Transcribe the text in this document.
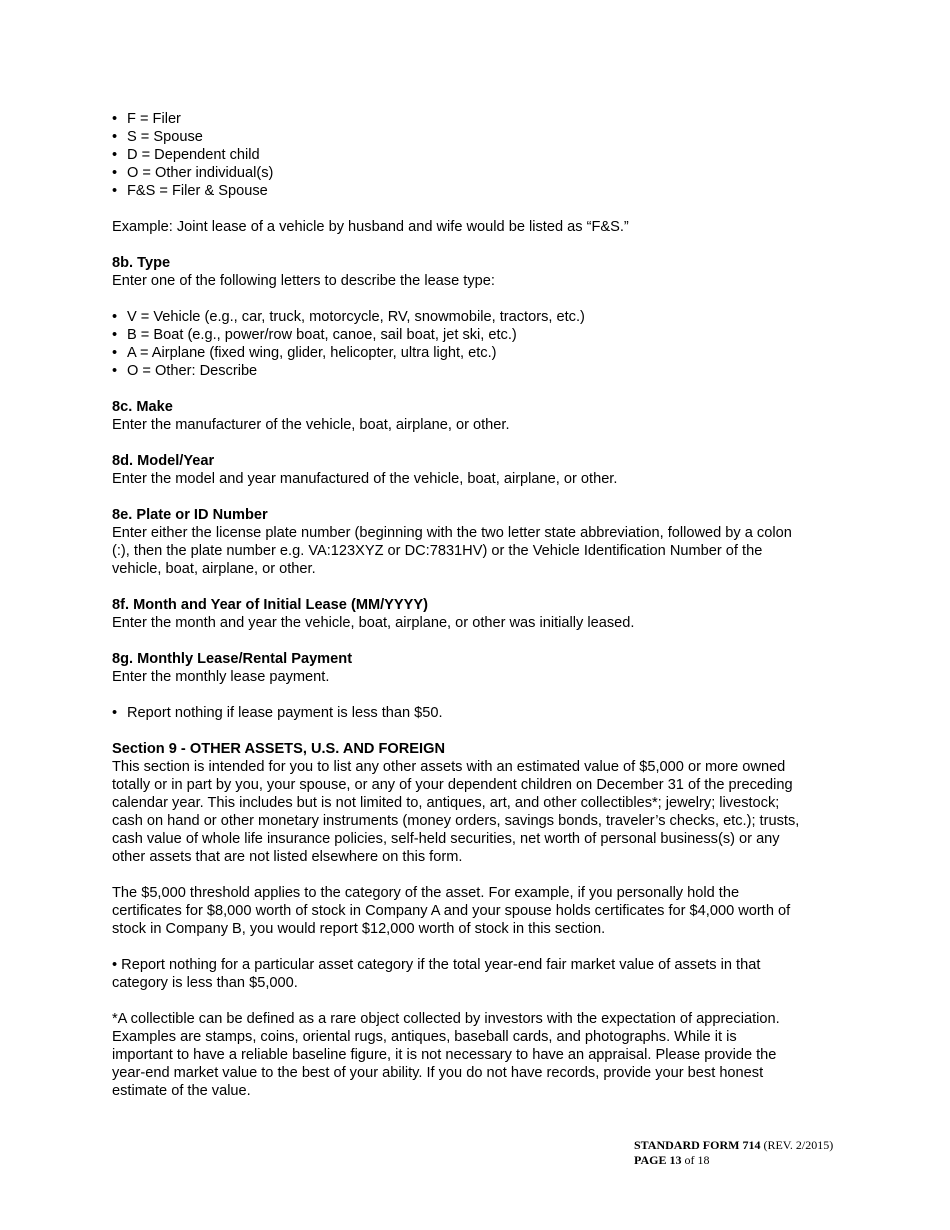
• F = Filer
• S = Spouse
• D = Dependent child
• O = Other individual(s)
• F&S = Filer & Spouse

Example: Joint lease of a vehicle by husband and wife would be listed as “F&S.”

8b. Type

Enter one of the following letters to describe the lease type:

• V = Vehicle (e.g., car, truck, motorcycle, RV, snowmobile, tractors, etc.)
• B = Boat (e.g., power/row boat, canoe, sail boat, jet ski, etc.)
• A = Airplane (fixed wing, glider, helicopter, ultra light, etc.)
• O = Other: Describe
8c. Make

Enter the manufacturer of the vehicle, boat, airplane, or other.

8d. Model/Year

Enter the model and year manufactured of the vehicle, boat, airplane, or other.

8e. Plate or ID Number
Enter either the license plate number (beginning with the two letter state abbreviation, followed by a colon
(:), then the plate number e.g. VA:123XYZ or DC:7831HV) or the Vehicle Identification Number of the
vehicle, boat, airplane, or other.
8f. Month and Year of Initial Lease (MM/YYYY)

Enter the month and year the vehicle, boat, airplane, or other was initially leased.

8g. Monthly Lease/Rental Payment

Enter the monthly lease payment.

• Report nothing if lease payment is less than $50.
Section 9 - OTHER ASSETS, U.S. AND FOREIGN
This section is intended for you to list any other assets with an estimated value of $5,000 or more owned
totally or in part by you, your spouse, or any of your dependent children on December 31 of the preceding
calendar year. This includes but is not limited to, antiques, art, and other collectibles*; jewelry; livestock;
cash on hand or other monetary instruments (money orders, savings bonds, traveler’s checks, etc.); trusts,
cash value of whole life insurance policies, self-held securities, net worth of personal business(s) or any
other assets that are not listed elsewhere on this form.
The $5,000 threshold applies to the category of the asset. For example, if you personally hold the
certificates for $8,000 worth of stock in Company A and your spouse holds certificates for $4,000 worth of
stock in Company B, you would report $12,000 worth of stock in this section.
• Report nothing for a particular asset category if the total year-end fair market value of assets in that
category is less than $5,000.
*A collectible can be defined as a rare object collected by investors with the expectation of appreciation.
Examples are stamps, coins, oriental rugs, antiques, baseball cards, and photographs. While it is
important to have a reliable baseline figure, it is not necessary to have an appraisal. Please provide the
year-end market value to the best of your ability. If you do not have records, provide your best honest
estimate of the value.
STANDARD FORM 714 (REV. 2/2015)
PAGE 13 of 18
